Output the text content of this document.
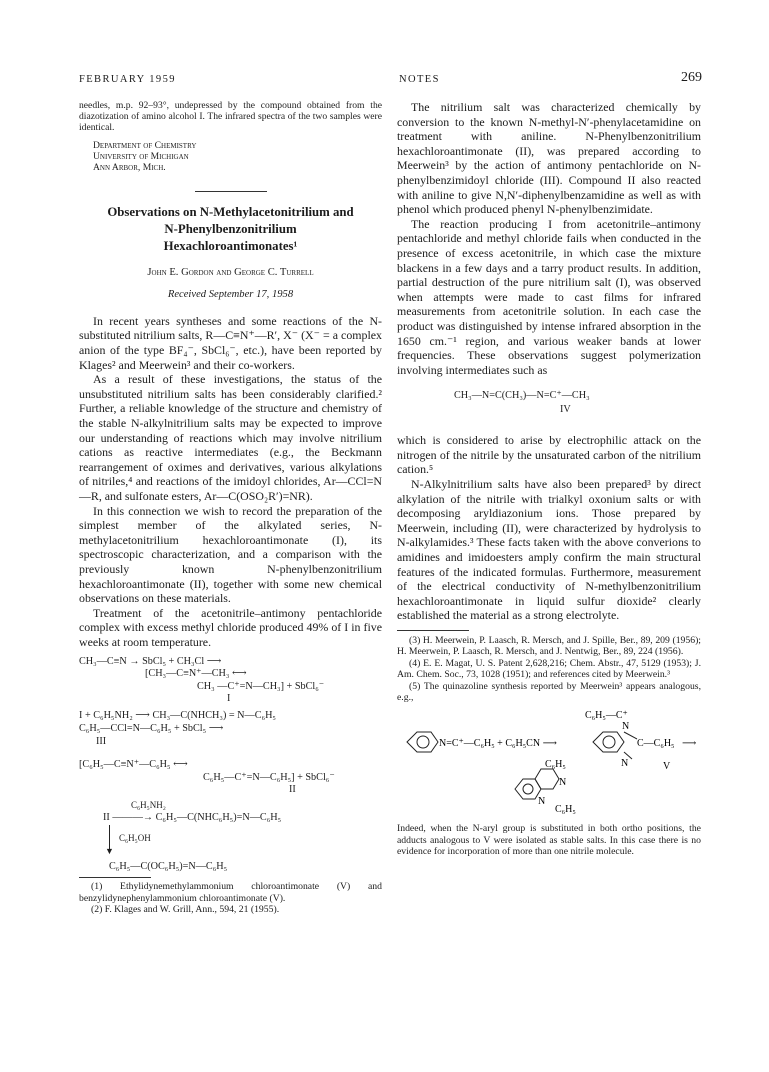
FEBRUARY 1959	NOTES	269

needles, m.p. 92–93°, undepressed by the compound obtained from the diazotization of amino alcohol I. The infrared spectra of the two samples were identical.

Department of Chemistry
University of Michigan
Ann Arbor, Mich.
Observations on N-Methylacetonitrilium and
N-Phenylbenzonitrilium
Hexachloroantimonates¹
John E. Gordon and George C. Turrell
Received September 17, 1958

In recent years syntheses and some reactions of the N-substituted nitrilium salts, R—C≡N⁺—R′, X⁻ (X⁻ = a complex anion of the type BF₄⁻, SbCl₆⁻, etc.), have been reported by Klages² and Meerwein³ and their co-workers.

As a result of these investigations, the status of the unsubstituted nitrilium salts has been considerably clarified.² Further, a reliable knowledge of the structure and chemistry of the stable N-alkylnitrilium salts may be expected to improve our understanding of reactions which may involve nitrilium cations as reactive intermediates (e.g., the Beckmann rearrangement of oximes and derivatives, various alkylations of nitriles,⁴ and reactions of the imidoyl chlorides, Ar—CCl=N—R, and sulfonate esters, Ar—C(OSO₂R′)=NR).

In this connection we wish to record the preparation of the simplest member of the alkylated series, N-methylacetonitrilium hexachloroantimonate (I), its spectroscopic characterization, and a comparison with the previously known N-phenylbenzonitrilium hexachloroantimonate (II), together with some new chemical observations on these materials.

Treatment of the acetonitrile–antimony pentachloride complex with excess methyl chloride produced 49% of I in five weeks at room temperature.

CH₃—C≡N → SbCl₅ + CH₃Cl ⟶
[CH₃—C≡N⁺—CH₃ ⟷
CH₃ —C⁺=N—CH₃] + SbCl₆⁻
I
I + C₆H₅NH₂ ⟶ CH₃—C(NHCH₃) = N—C₆H₅
C₆H₅—CCl=N—C₆H₅ + SbCl₅ ⟶
III
[C₆H₅—C≡N⁺—C₆H₅ ⟷
C₆H₅—C⁺=N—C₆H₅] + SbCl₆⁻
II
C₆H₅NH₂
II ———→ C₆H₅—C(NHC₆H₅)=N—C₆H₅
▼
C₆H₅OH
C₆H₅—C(OC₆H₅)=N—C₆H₅
(1) Ethylidynemethylammonium chloroantimonate (V) and benzylidynephenylammonium chloroantimonate (V).
(2) F. Klages and W. Grill, Ann., 594, 21 (1955).

The nitrilium salt was characterized chemically by conversion to the known N-methyl-N′-phenylacetamidine on treatment with aniline. N-Phenylbenzonitrilium hexachloroantimonate (II), was prepared according to Meerwein³ by the action of antimony pentachloride on N-phenylbenzimidoyl chloride (III). Compound II also reacted with aniline to give N,N′-diphenylbenzamidine as well as with phenol which produced phenyl N-phenylbenzimidate.

The reaction producing I from acetonitrile–antimony pentachloride and methyl chloride fails when conducted in the presence of excess acetonitrile, in which case the mixture blackens in a few days and a tarry product results. In addition, partial destruction of the pure nitrilium salt (I), was observed when attempts were made to cast films for infrared measurements from acetonitrile solution. In each case the product was distinguished by intense infrared absorption in the 1650 cm.⁻¹ region, and various weaker bands at lower frequencies. These observations suggest polymerization involving intermediates such as

CH₃—N=C(CH₃)—N=C⁺—CH₃
IV

which is considered to arise by electrophilic attack on the nitrogen of the nitrile by the unsaturated carbon of the nitrilium cation.⁵

N-Alkylnitrilium salts have also been prepared³ by direct alkylation of the nitrile with trialkyl oxonium salts or with decomposing aryldiazonium ions. Those prepared by Meerwein, including (II), were characterized by hydrolysis to N-alkylamides.³ These facts taken with the above converions to amidines and imidoesters amply confirm the main structural features of the indicated formulas. Furthermore, measurement of the electrical conductivity of N-methylbenzonitrilium hexachloroantimonate in liquid sulfur dioxide² clearly established the material as a strong electrolyte.

(3) H. Meerwein, P. Laasch, R. Mersch, and J. Spille, Ber., 89, 209 (1956); H. Meerwein, P. Laasch, R. Mersch, and J. Nentwig, Ber., 89, 224 (1956).

(4) E. E. Magat, U. S. Patent 2,628,216; Chem. Abstr., 47, 5129 (1953); J. Am. Chem. Soc., 73, 1028 (1951); and references cited by Meerwein.³

(5) The quinazoline synthesis reported by Meerwein³ appears analogous, e.g.,

N=C⁺—C₆H₅ + C₆H₅CN ⟶
C₆H₅—C⁺
N
C—C₆H₅
N
⟶
V
C₆H₅
N
N
C₆H₅

Indeed, when the N-aryl group is substituted in both ortho positions, the adducts analogous to V were isolated as stable salts. In this case there is no evidence for incorporation of more than one nitrile molecule.
